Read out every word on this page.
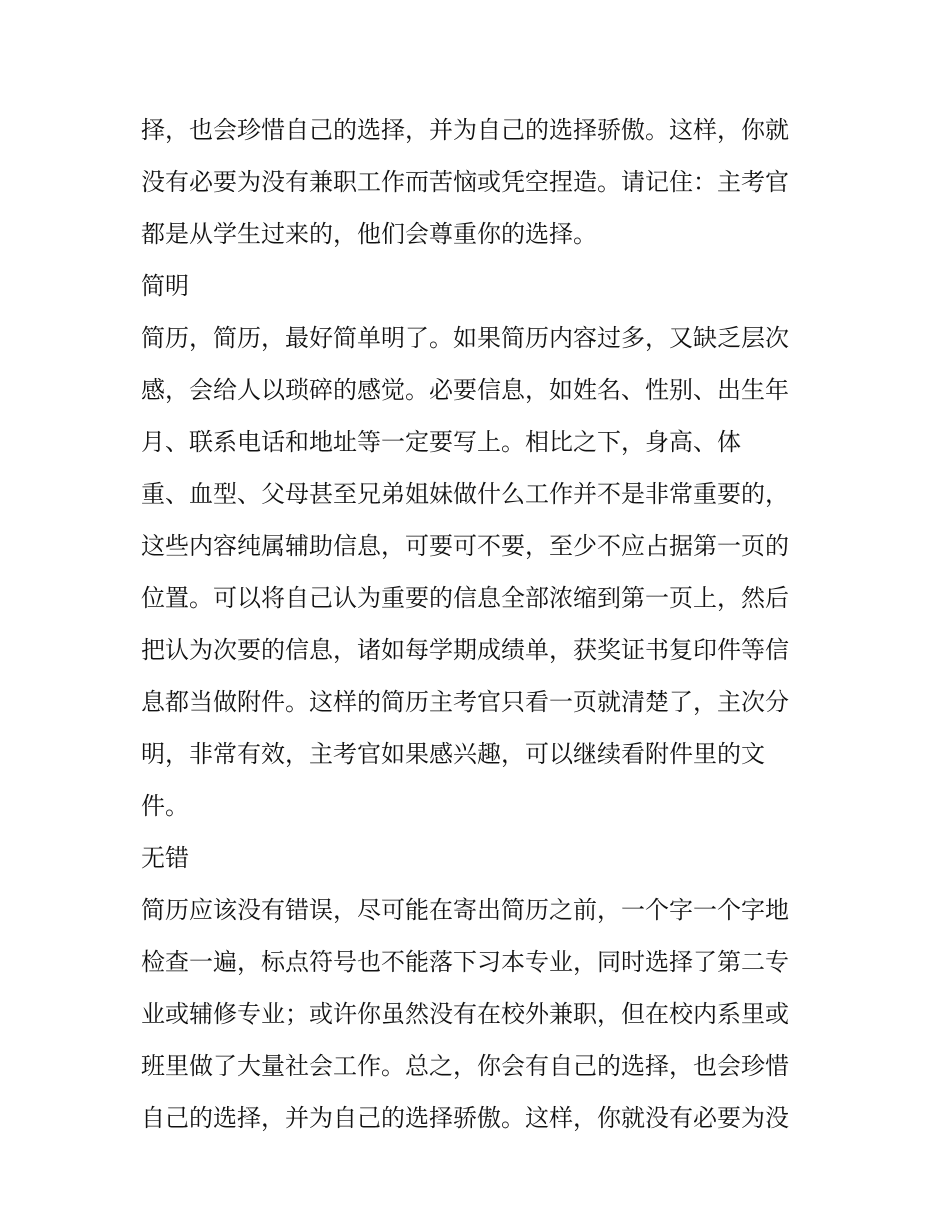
择，也会珍惜自己的选择，并为自己的选择骄傲。这样，你就
没有必要为没有兼职工作而苦恼或凭空捏造。请记住：主考官
都是从学生过来的，他们会尊重你的选择。
简明
简历，简历，最好简单明了。如果简历内容过多，又缺乏层次
感，会给人以琐碎的感觉。必要信息，如姓名、性别、出生年
月、联系电话和地址等一定要写上。相比之下，身高、体
重、血型、父母甚至兄弟姐妹做什么工作并不是非常重要的，
这些内容纯属辅助信息，可要可不要，至少不应占据第一页的
位置。可以将自己认为重要的信息全部浓缩到第一页上，然后
把认为次要的信息，诸如每学期成绩单，获奖证书复印件等信
息都当做附件。这样的简历主考官只看一页就清楚了，主次分
明，非常有效，主考官如果感兴趣，可以继续看附件里的文
件。
无错
简历应该没有错误，尽可能在寄出简历之前，一个字一个字地
检查一遍，标点符号也不能落下习本专业，同时选择了第二专
业或辅修专业；或许你虽然没有在校外兼职，但在校内系里或
班里做了大量社会工作。总之，你会有自己的选择，也会珍惜
自己的选择，并为自己的选择骄傲。这样，你就没有必要为没
